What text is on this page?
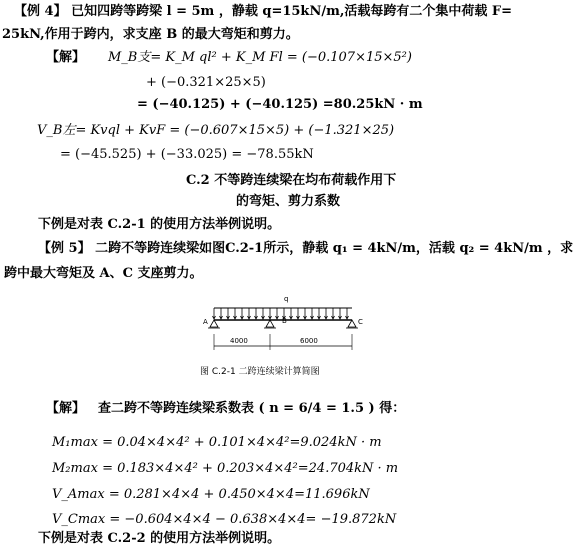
【例 4】 已知四跨等跨梁 l = 5m ，静载 q=15kN/m,活载每跨有二个集中荷载 F=
25kN,作用于跨内，求支座 B 的最大弯矩和剪力。
【解】 M_B支= K_M ql² + K_M Fl = (−0.107×15×5²)
+ (−0.321×25×5)
= (−40.125) + (−40.125) =80.25kN · m
V_B左= Kvql + KvF = (−0.607×15×5) + (−1.321×25)
= (−45.525) + (−33.025) = −78.55kN
C.2 不等跨连续梁在均布荷载作用下
的弯矩、剪力系数
下例是对表 C.2-1 的使用方法举例说明。
【例 5】 二跨不等跨连续梁如图C.2-1所示，静载 q₁ = 4kN/m，活载 q₂ = 4kN/m ，求
跨中最大弯矩及 A、C 支座剪力。
q
A	B	C
4000	6000
图 C.2-1 二跨连续梁计算简图
【解】 查二跨不等跨连续梁系数表 ( n = 6/4 = 1.5 ) 得：
M₁max = 0.04×4×4² + 0.101×4×4²=9.024kN · m
M₂max = 0.183×4×4² + 0.203×4×4²=24.704kN · m
V_Amax = 0.281×4×4 + 0.450×4×4=11.696kN
V_Cmax = −0.604×4×4 − 0.638×4×4= −19.872kN
下例是对表 C.2-2 的使用方法举例说明。
